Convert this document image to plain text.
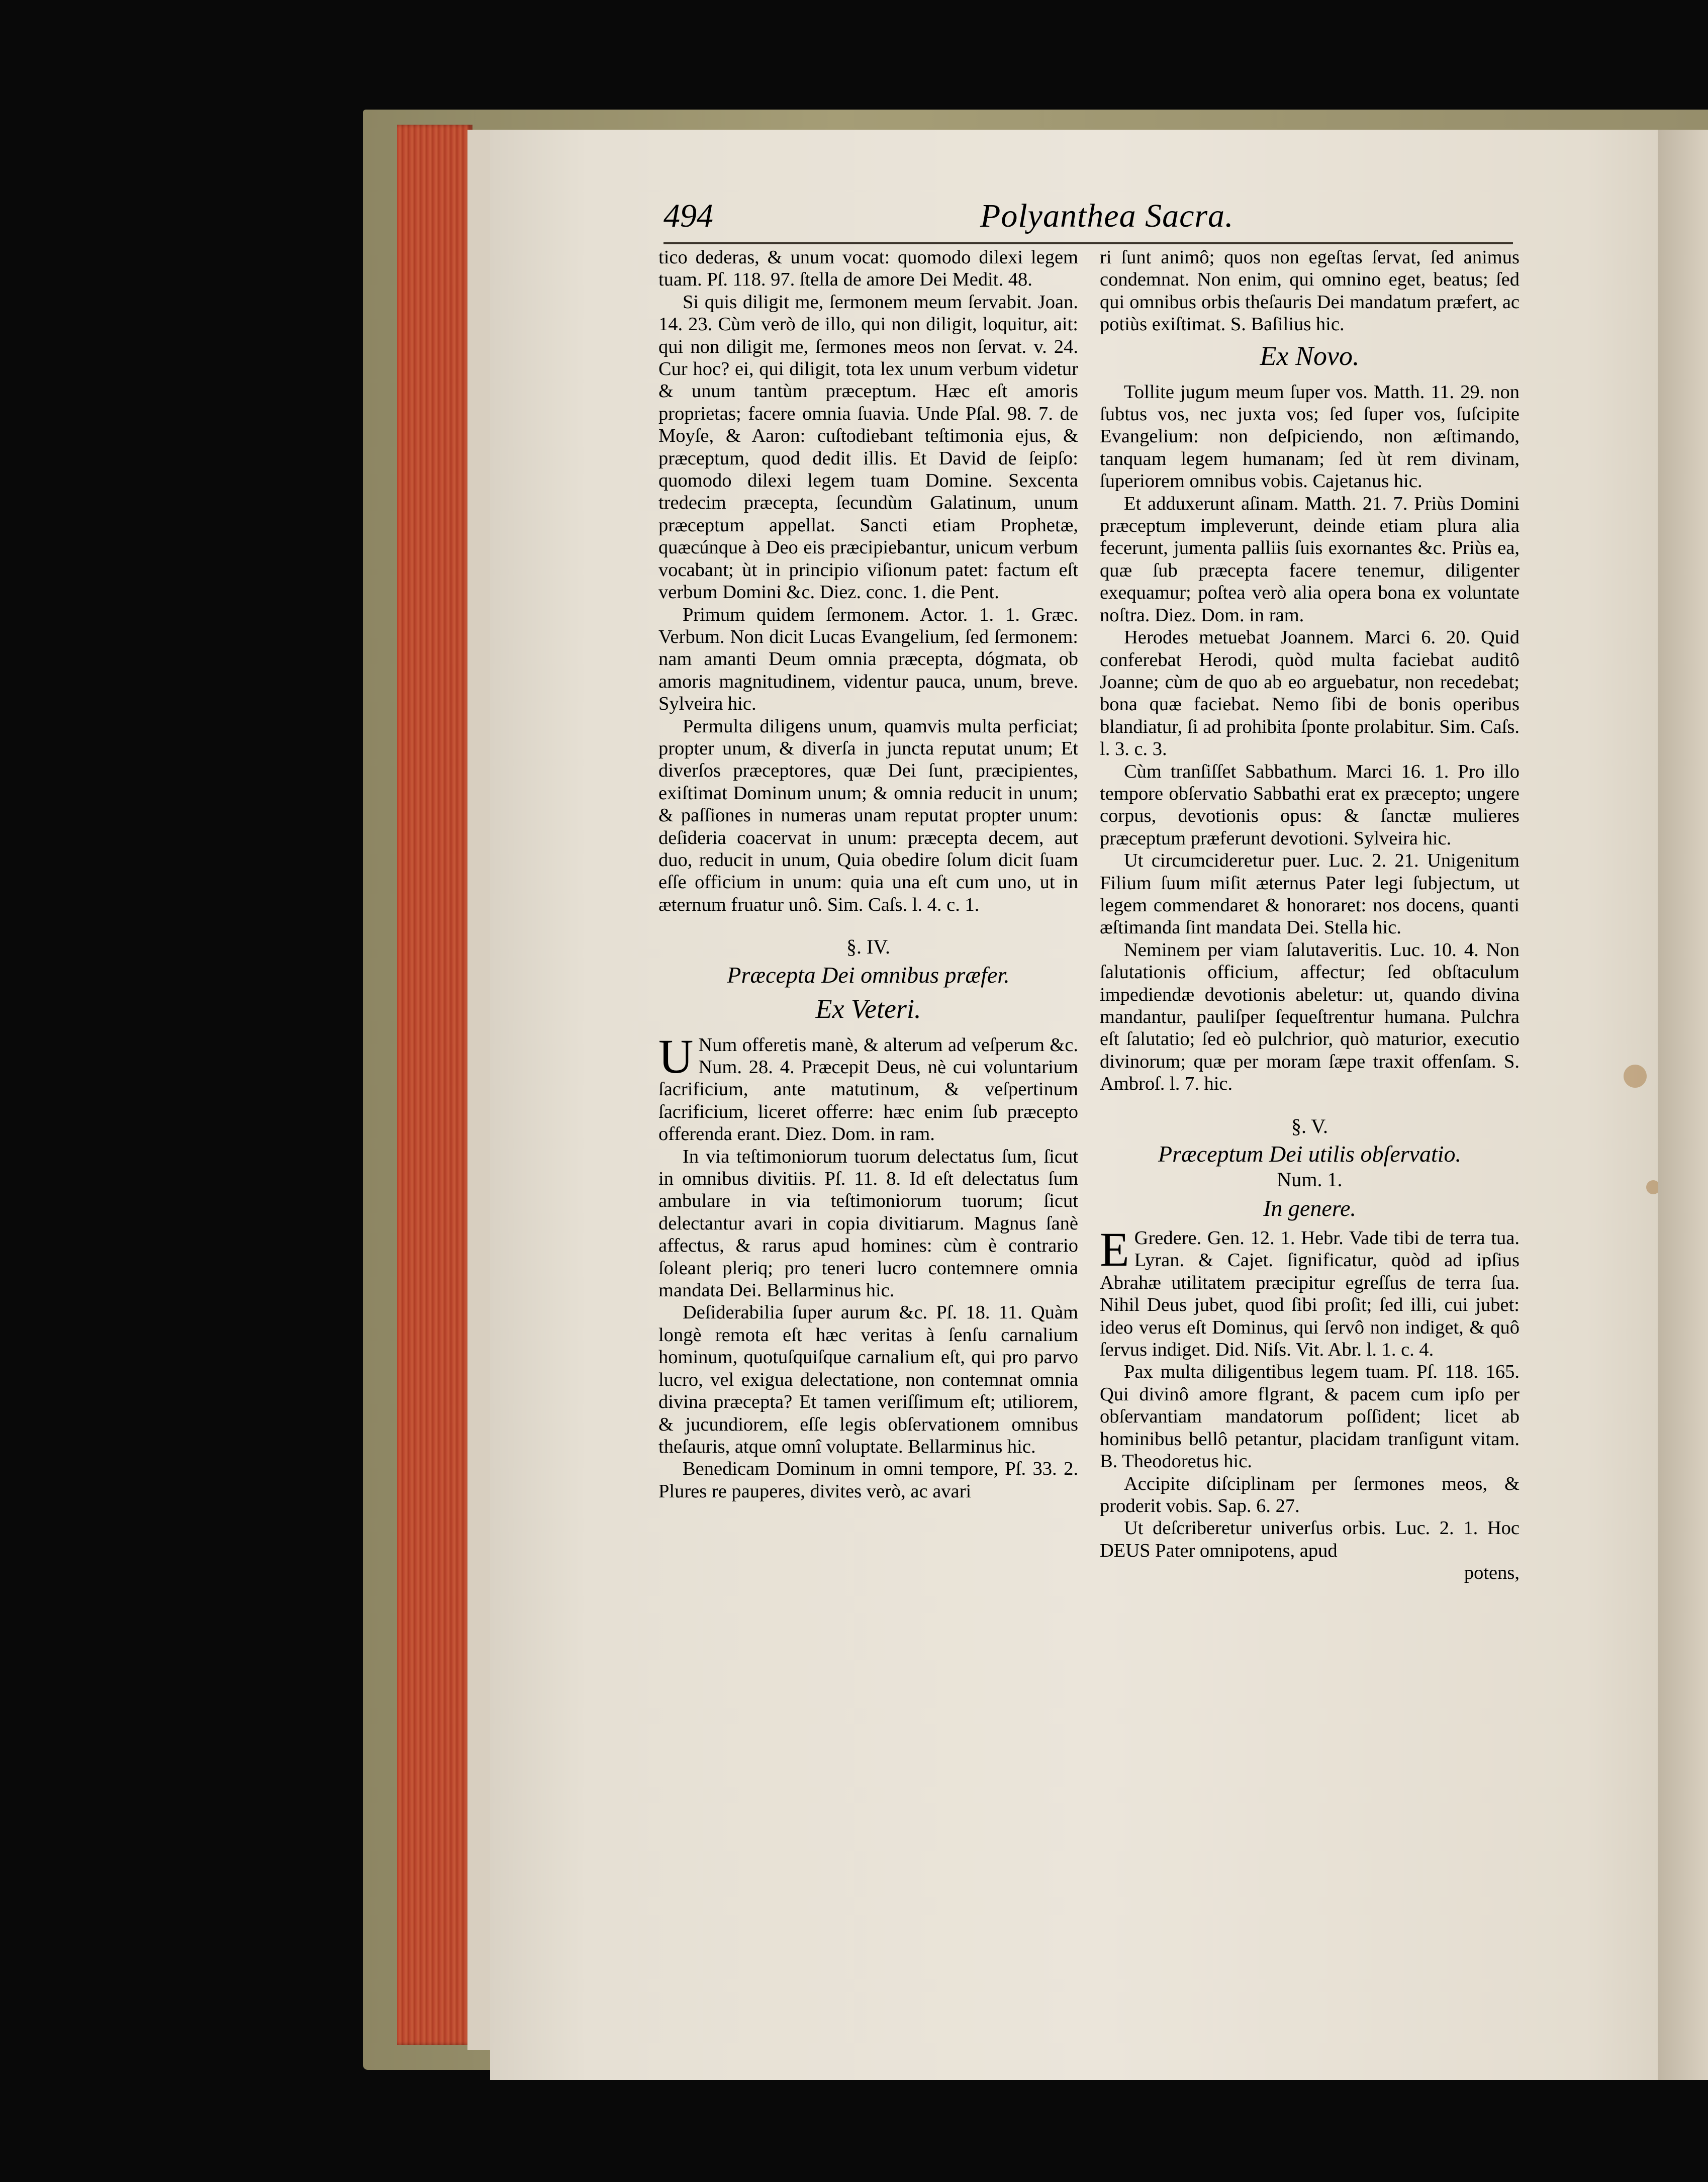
494	Polyanthea Sacra.

tico dederas, & unum vocat: quomodo dilexi legem tuam. Pſ. 118. 97. ſtella de amore Dei Medit. 48.

Si quis diligit me, ſermonem meum ſervabit. Joan. 14. 23. Cùm verò de illo, qui non diligit, loquitur, ait: qui non diligit me, ſermones meos non ſervat. v. 24. Cur hoc? ei, qui diligit, tota lex unum verbum videtur & unum tantùm præceptum. Hæc eſt amoris proprietas; facere omnia ſuavia. Unde Pſal. 98. 7. de Moyſe, & Aaron: cuſtodiebant teſtimonia ejus, & præceptum, quod dedit illis. Et David de ſeipſo: quomodo dilexi legem tuam Domine. Sexcenta tredecim præcepta, ſecundùm Galatinum, unum præceptum appellat. Sancti etiam Prophetæ, quæcúnque à Deo eis præcipiebantur, unicum verbum vocabant; ùt in principio viſionum patet: factum eſt verbum Domini &c. Diez. conc. 1. die Pent.

Primum quidem ſermonem. Actor. 1. 1. Græc. Verbum. Non dicit Lucas Evangelium, ſed ſermonem: nam amanti Deum omnia præcepta, dógmata, ob amoris magnitudinem, videntur pauca, unum, breve. Sylveira hic.

Permulta diligens unum, quamvis multa perficiat; propter unum, & diverſa in juncta reputat unum; Et diverſos præceptores, quæ Dei ſunt, præcipientes, exiſtimat Dominum unum; & omnia reducit in unum; & paſſiones in numeras unam reputat propter unum: deſideria coacervat in unum: præcepta decem, aut duo, reducit in unum, Quia obedire ſolum dicit ſuam eſſe officium in unum: quia una eſt cum uno, ut in æternum fruatur unô. Sim. Caſs. l. 4. c. 1.

§. IV.
Præcepta Dei omnibus præfer.
Ex Veteri.

U Num offeretis manè, & alterum ad veſperum &c. Num. 28. 4. Præcepit Deus, nè cui voluntarium ſacrificium, ante matutinum, & veſpertinum ſacrificium, liceret offerre: hæc enim ſub præcepto offerenda erant. Diez. Dom. in ram.

In via teſtimoniorum tuorum delectatus ſum, ſicut in omnibus divitiis. Pſ. 11. 8. Id eſt delectatus ſum ambulare in via teſtimoniorum tuorum; ſicut delectantur avari in copia divitiarum. Magnus ſanè affectus, & rarus apud homines: cùm è contrario ſoleant pleriq; pro teneri lucro contemnere omnia mandata Dei. Bellarminus hic.

Deſiderabilia ſuper aurum &c. Pſ. 18. 11. Quàm longè remota eſt hæc veritas à ſenſu carnalium hominum, quotuſquiſque carnalium eſt, qui pro parvo lucro, vel exigua delectatione, non contemnat omnia divina præcepta? Et tamen veriſſimum eſt; utiliorem, & jucundiorem, eſſe legis obſervationem omnibus theſauris, atque omnî voluptate. Bellarminus hic.

Benedicam Dominum in omni tempore, Pſ. 33. 2. Plures re pauperes, divites verò, ac avari

ri ſunt animô; quos non egeſtas ſervat, ſed animus condemnat. Non enim, qui omnino eget, beatus; ſed qui omnibus orbis theſauris Dei mandatum præfert, ac potiùs exiſtimat. S. Baſilius hic.

Ex Novo.

Tollite jugum meum ſuper vos. Matth. 11. 29. non ſubtus vos, nec juxta vos; ſed ſuper vos, ſuſcipite Evangelium: non deſpiciendo, non æſtimando, tanquam legem humanam; ſed ùt rem divinam, ſuperiorem omnibus vobis. Cajetanus hic.

Et adduxerunt aſinam. Matth. 21. 7. Priùs Domini præceptum impleverunt, deinde etiam plura alia fecerunt, jumenta palliis ſuis exornantes &c. Priùs ea, quæ ſub præcepta facere tenemur, diligenter exequamur; poſtea verò alia opera bona ex voluntate noſtra. Diez. Dom. in ram.

Herodes metuebat Joannem. Marci 6. 20. Quid conferebat Herodi, quòd multa faciebat auditô Joanne; cùm de quo ab eo arguebatur, non recedebat; bona quæ faciebat. Nemo ſibi de bonis operibus blandiatur, ſi ad prohibita ſponte prolabitur. Sim. Caſs. l. 3. c. 3.

Cùm tranſiſſet Sabbathum. Marci 16. 1. Pro illo tempore obſervatio Sabbathi erat ex præcepto; ungere corpus, devotionis opus: & ſanctæ mulieres præceptum præferunt devotioni. Sylveira hic.

Ut circumcideretur puer. Luc. 2. 21. Unigenitum Filium ſuum miſit æternus Pater legi ſubjectum, ut legem commendaret & honoraret: nos docens, quanti æſtimanda ſint mandata Dei. Stella hic.

Neminem per viam ſalutaveritis. Luc. 10. 4. Non ſalutationis officium, affectur; ſed obſtaculum impediendæ devotionis abeletur: ut, quando divina mandantur, pauliſper ſequeſtrentur humana. Pulchra eſt ſalutatio; ſed eò pulchrior, quò maturior, executio divinorum; quæ per moram ſæpe traxit offenſam. S. Ambroſ. l. 7. hic.

§. V.
Præceptum Dei utilis obſervatio.
Num. 1.
In genere.

E Gredere. Gen. 12. 1. Hebr. Vade tibi de terra tua. Lyran. & Cajet. ſignificatur, quòd ad ipſius Abrahæ utilitatem præcipitur egreſſus de terra ſua. Nihil Deus jubet, quod ſibi proſit; ſed illi, cui jubet: ideo verus eſt Dominus, qui ſervô non indiget, & quô ſervus indiget. Did. Niſs. Vit. Abr. l. 1. c. 4.

Pax multa diligentibus legem tuam. Pſ. 118. 165. Qui divinô amore flgrant, & pacem cum ipſo per obſervantiam mandatorum poſſident; licet ab hominibus bellô petantur, placidam tranſigunt vitam. B. Theodoretus hic.

Accipite diſciplinam per ſermones meos, & proderit vobis. Sap. 6. 27.

Ut deſcriberetur univerſus orbis. Luc. 2. 1. Hoc DEUS Pater omnipotens, apud

potens,
